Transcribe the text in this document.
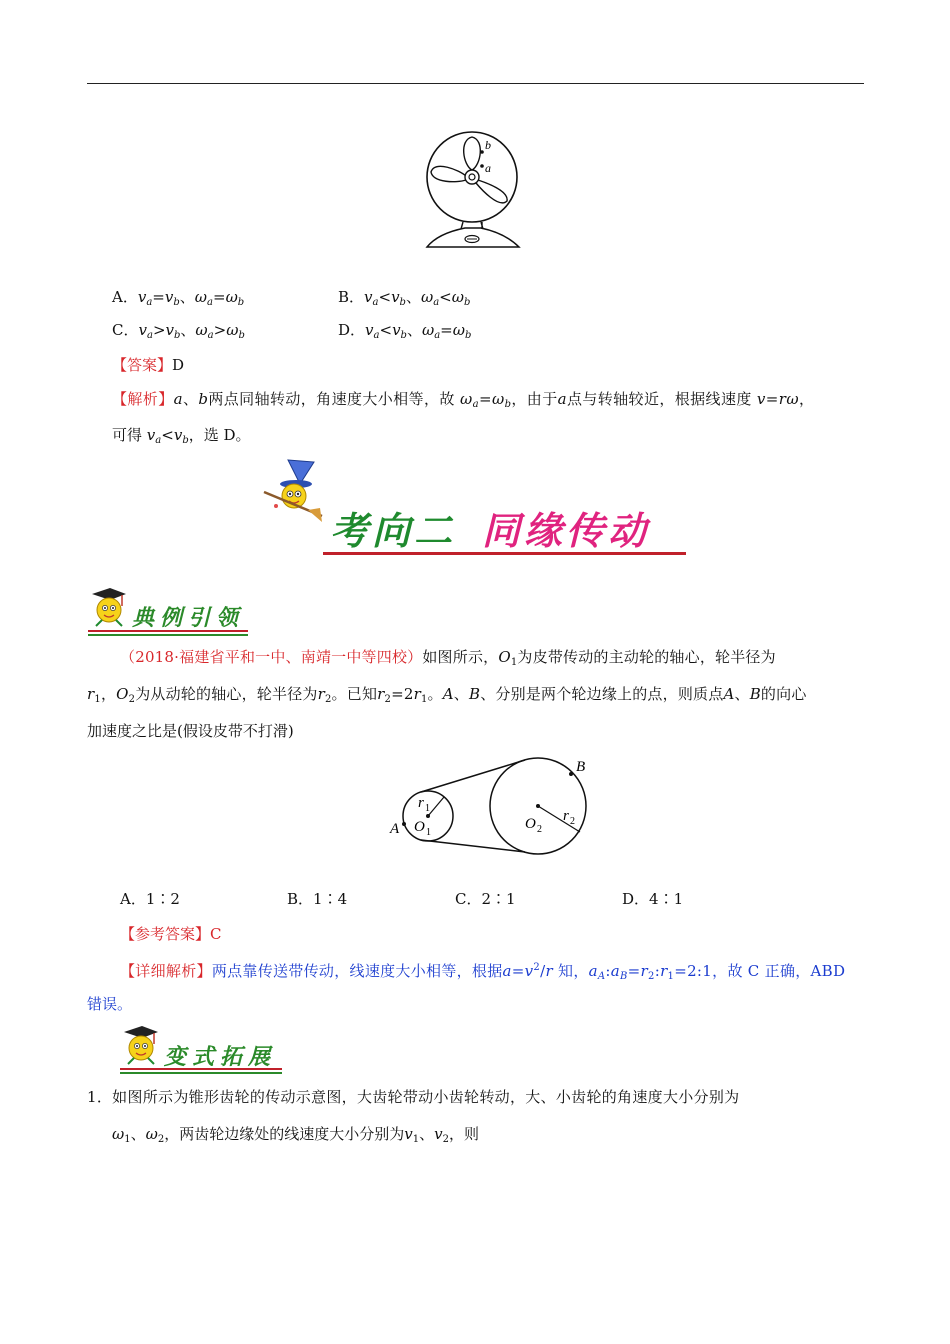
b
a
A．$v_a=v_b$、$\omega_a=\omega_b$	B．$v_a<v_b$、$\omega_a<\omega_b$
C．$v_a>v_b$、$\omega_a>\omega_b$	D．$v_a<v_b$、$\omega_a=\omega_b$
【答案】D
【解析】a、b两点同轴转动，角速度大小相等，故 $\omega_a=\omega_b$，由于a点与转轴较近，根据线速度 v=rω，
可得 $v_a<v_b$，选 D。
考向二 同缘传动
典例引领
（2018·福建省平和一中、南靖一中等四校）如图所示，$O_1$为皮带传动的主动轮的轴心，轮半径为
$r_1$，$O_2$为从动轮的轴心，轮半径为$r_2$。已知$r_2=2r_1$。A、B、分别是两个轮边缘上的点，则质点A、B的向心
加速度之比是(假设皮带不打滑)
A
B
O 1
r 1
O 2
r 2
A．1∶2	B．1∶4	C．2∶1	D．4∶1
【参考答案】C
【详细解析】两点靠传送带传动，线速度大小相等，根据$a=v^2/r$ 知，$a_A:a_B=r_2:r_1=2:1$，故 C 正确，ABD
错误。
变式拓展
1．如图所示为锥形齿轮的传动示意图，大齿轮带动小齿轮转动，大、小齿轮的角速度大小分别为
$\omega_1$、$\omega_2$，两齿轮边缘处的线速度大小分别为$v_1$、$v_2$，则
